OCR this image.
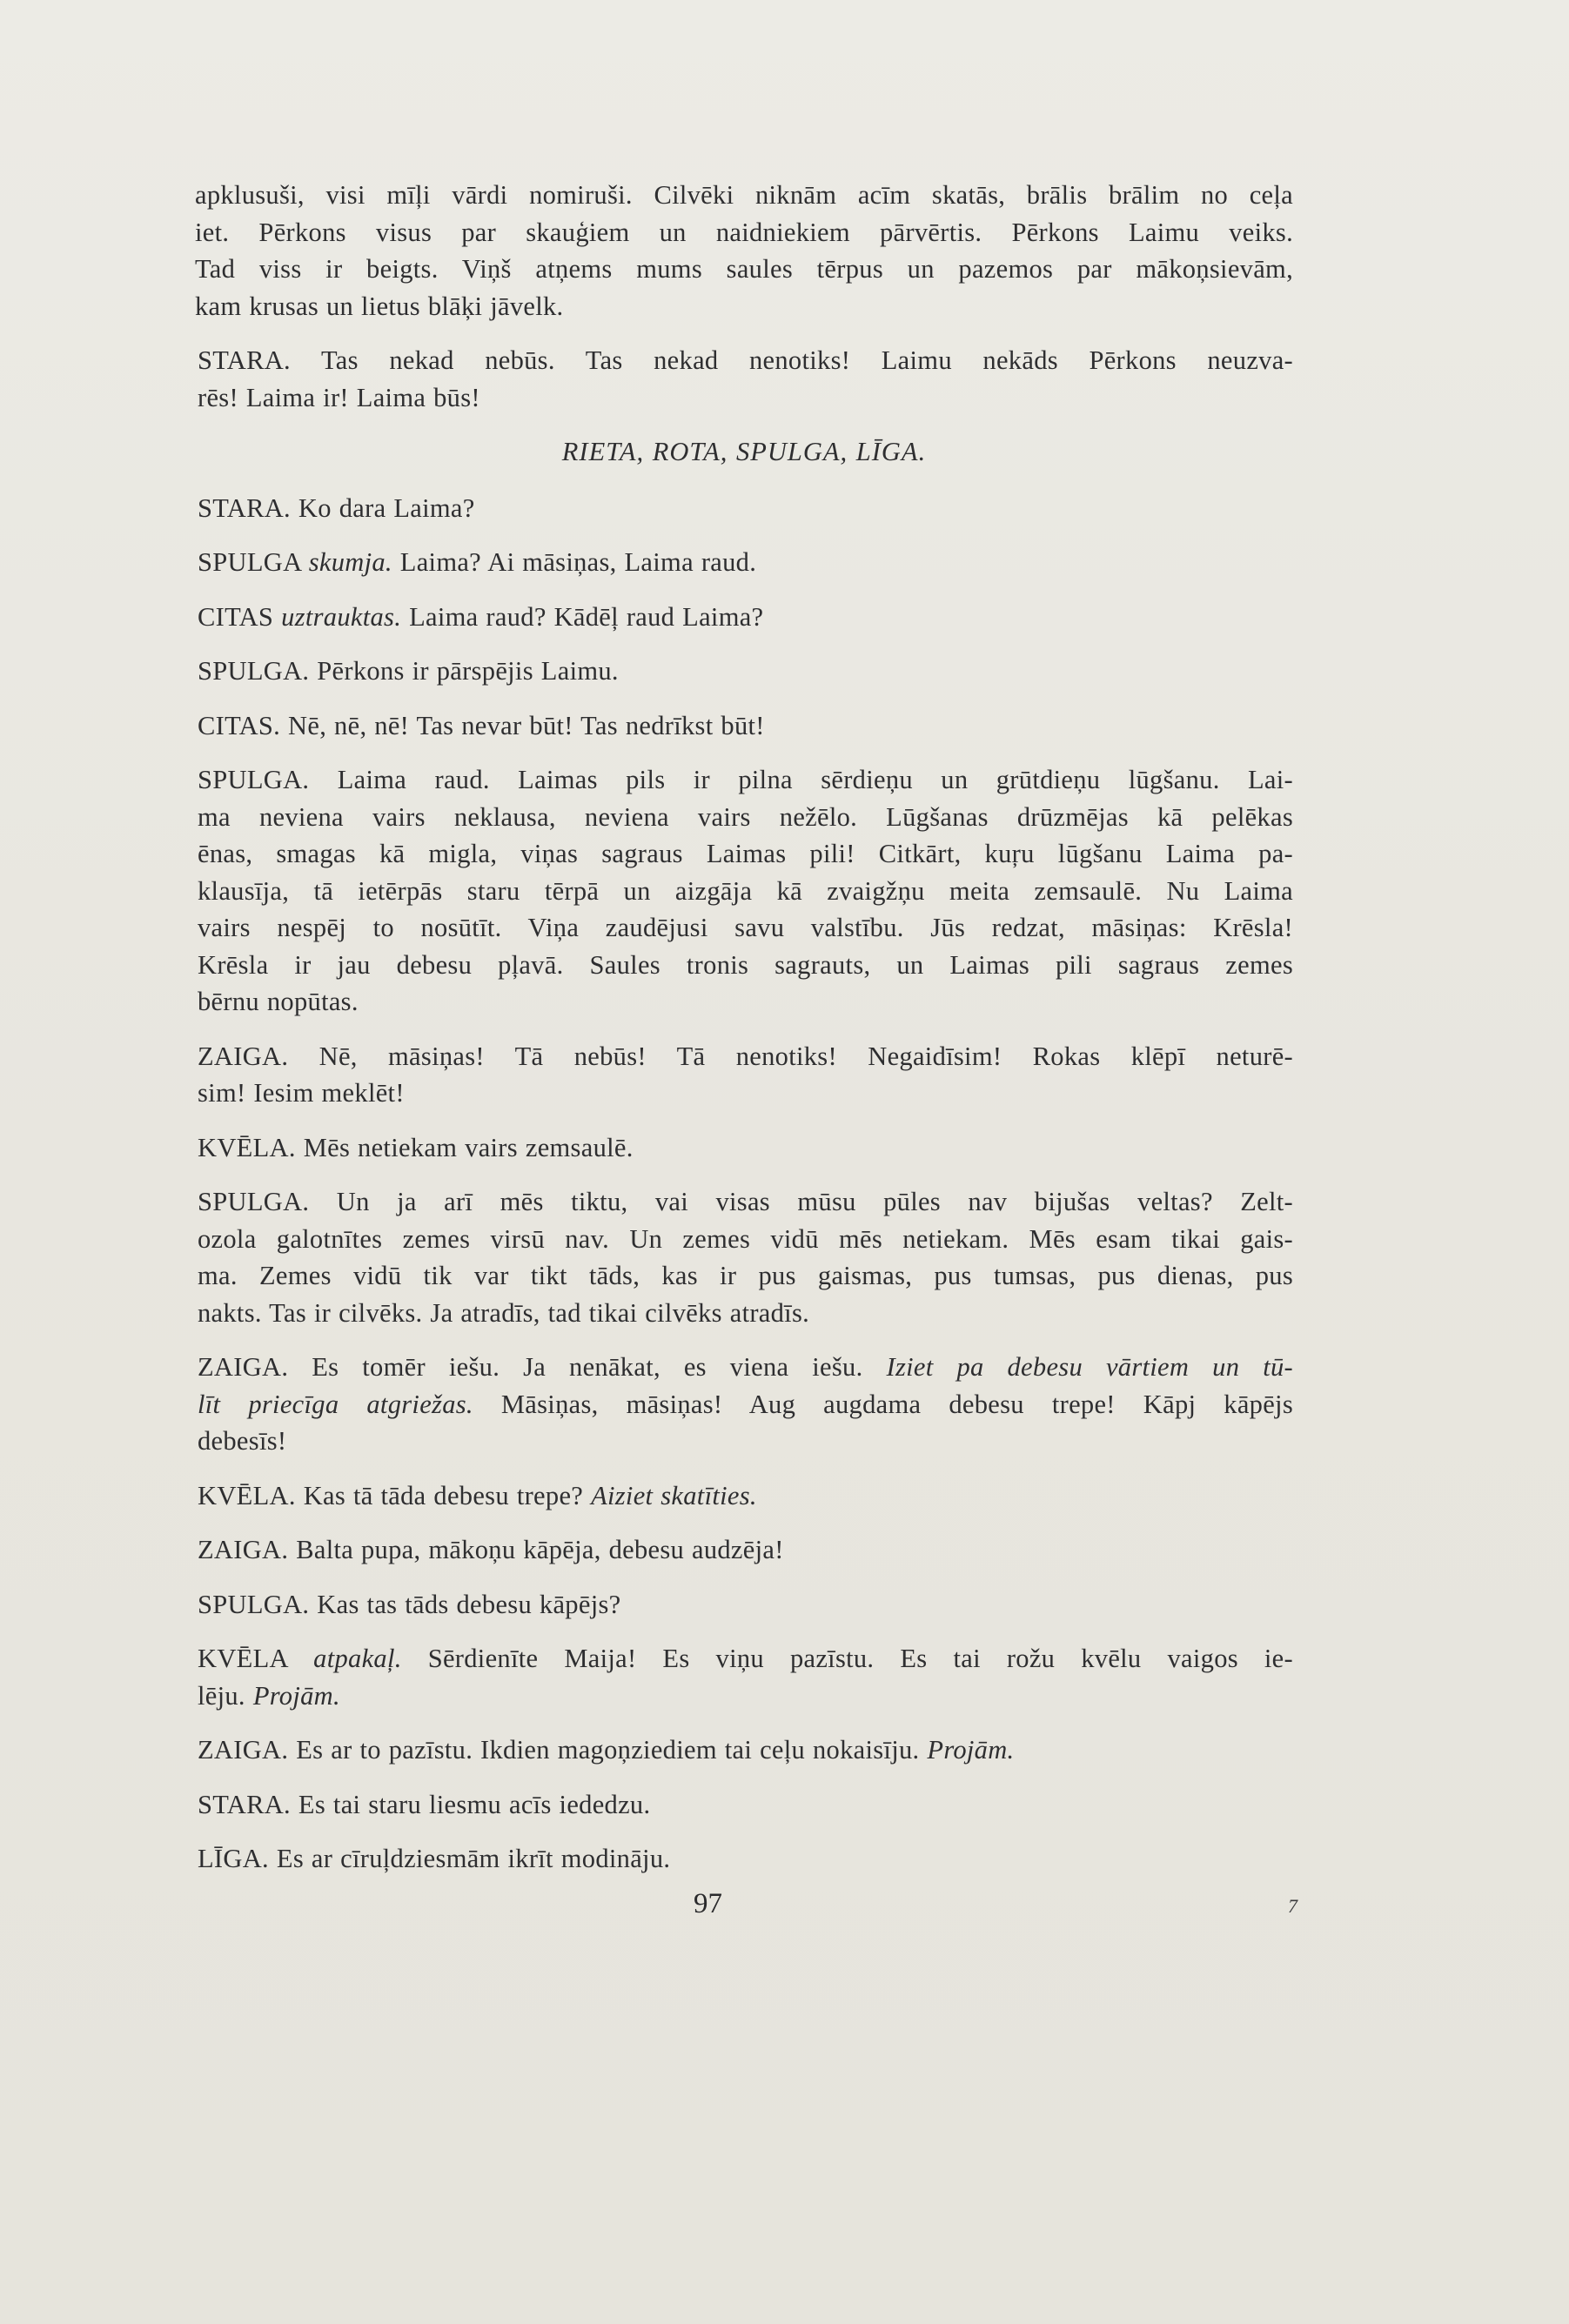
apklusuši, visi mīļi vārdi nomiruši. Cilvēki niknām acīm skatās, brālis brālim no ceļa
iet. Pērkons visus par skauģiem un naidniekiem pārvērtis. Pērkons Laimu veiks.
Tad viss ir beigts. Viņš atņems mums saules tērpus un pazemos par mākoņsievām,
kam krusas un lietus blāķi jāvelk.
STARA. Tas nekad nebūs. Tas nekad nenotiks! Laimu nekāds Pērkons neuzva-
rēs! Laima ir! Laima būs!
RIETA, ROTA, SPULGA, LĪGA.
STARA. Ko dara Laima?
SPULGA skumja. Laima? Ai māsiņas, Laima raud.
CITAS uztrauktas. Laima raud? Kādēļ raud Laima?
SPULGA. Pērkons ir pārspējis Laimu.
CITAS. Nē, nē, nē! Tas nevar būt! Tas nedrīkst būt!
SPULGA. Laima raud. Laimas pils ir pilna sērdieņu un grūtdieņu lūgšanu. Lai-
ma neviena vairs neklausa, neviena vairs nežēlo. Lūgšanas drūzmējas kā pelēkas
ēnas, smagas kā migla, viņas sagraus Laimas pili! Citkārt, kuŗu lūgšanu Laima pa-
klausīja, tā ietērpās staru tērpā un aizgāja kā zvaigžņu meita zemsaulē. Nu Laima
vairs nespēj to nosūtīt. Viņa zaudējusi savu valstību. Jūs redzat, māsiņas: Krēsla!
Krēsla ir jau debesu pļavā. Saules tronis sagrauts, un Laimas pili sagraus zemes
bērnu nopūtas.
ZAIGA. Nē, māsiņas! Tā nebūs! Tā nenotiks! Negaidīsim! Rokas klēpī neturē-
sim! Iesim meklēt!
KVĒLA. Mēs netiekam vairs zemsaulē.
SPULGA. Un ja arī mēs tiktu, vai visas mūsu pūles nav bijušas veltas? Zelt-
ozola galotnītes zemes virsū nav. Un zemes vidū mēs netiekam. Mēs esam tikai gais-
ma. Zemes vidū tik var tikt tāds, kas ir pus gaismas, pus tumsas, pus dienas, pus
nakts. Tas ir cilvēks. Ja atradīs, tad tikai cilvēks atradīs.
ZAIGA. Es tomēr iešu. Ja nenākat, es viena iešu. Iziet pa debesu vārtiem un tū-
līt priecīga atgriežas. Māsiņas, māsiņas! Aug augdama debesu trepe! Kāpj kāpējs
debesīs!
KVĒLA. Kas tā tāda debesu trepe? Aiziet skatīties.
ZAIGA. Balta pupa, mākoņu kāpēja, debesu audzēja!
SPULGA. Kas tas tāds debesu kāpējs?
KVĒLA atpakaļ. Sērdienīte Maija! Es viņu pazīstu. Es tai rožu kvēlu vaigos ie-
lēju. Projām.
ZAIGA. Es ar to pazīstu. Ikdien magoņziediem tai ceļu nokaisīju. Projām.
STARA. Es tai staru liesmu acīs iededzu.
LĪGA. Es ar cīruļdziesmām ikrīt modināju.
97	7
